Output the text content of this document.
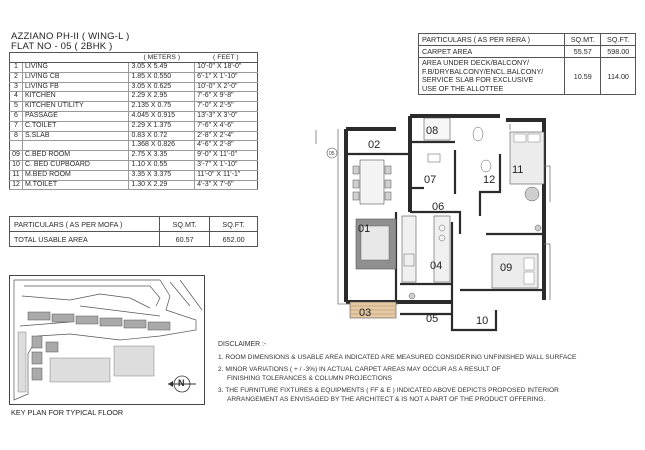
AZZIANO PH-II ( WING-L )
FLAT NO - 05 ( 2BHK )
		( METERS )	( FEET )
1	LIVING	3.05 X 5.49	10'-0" X 18'-0"
2	LIVING CB	1.85 X 0.550	6'-1" X 1'-10"
3	LIVING FB	3.05 X 0.625	10'-0" X 2'-0"
4	KITCHEN	2.29 X 2.95	7'-6" X 9'-8"
5	KITCHEN UTILITY	2.135 X 0.75	7'-0" X 2'-5"
6	PASSAGE	4.045 X 0.915	13'-3" X 3'-0"
7	C.TOILET	2.29 X 1.375	7'-6" X 4'-6"
8	S.SLAB	0.83 X 0.72	2'-8" X 2'-4"
		1.368 X 0.826	4'-6" X 2'-8"
09	C.BED ROOM	2.75 X 3.35	9'-0" X 11'-0"
10	C. BED CUPBOARD	1.10 X 0.55	3'-7" X 1'-10"
11	M.BED ROOM	3.35 X 3.375	11'-0" X 11'-1"
12	M.TOILET	1.30 X 2.29	4'-3" X 7'-6"
PARTICULARS ( AS PER MOFA )	SQ.MT.	SQ.FT.
TOTAL USABLE AREA	60.57	652.00
PARTICULARS ( AS PER RERA )	SQ.MT.	SQ.FT.
CARPET AREA	55.57	598.00

AREA UNDER DECK/BALCONY/
F.B/DRYBALCONY/ENCL.BALCONY/
SERVICE SLAB FOR EXCLUSIVE
USE OF THE ALLOTTEE	10.59	114.00
KEY PLAN FOR TYPICAL FLOOR
N
05
01
02
03
04
05
06
07
08
09
10
11
12
DISCLAIMER :-
1. ROOM DIMENSIONS & USABLE AREA INDICATED ARE MEASURED CONSIDERING UNFINISHED WALL SURFACE
2. MINOR VARIATIONS ( + / -3%) IN ACTUAL CARPET AREAS MAY OCCUR AS A RESULT OF
FINISHING TOLERANCES & COLUMN PROJECTIONS
3. THE FURNITURE FIXTURES & EQUIPMENTS ( FF & E ) INDICATED ABOVE DEPICTS PROPOSED INTERIOR
ARRANGEMENT AS ENVISAGED BY THE ARCHITECT & IS NOT A PART OF THE PRODUCT OFFERING.
